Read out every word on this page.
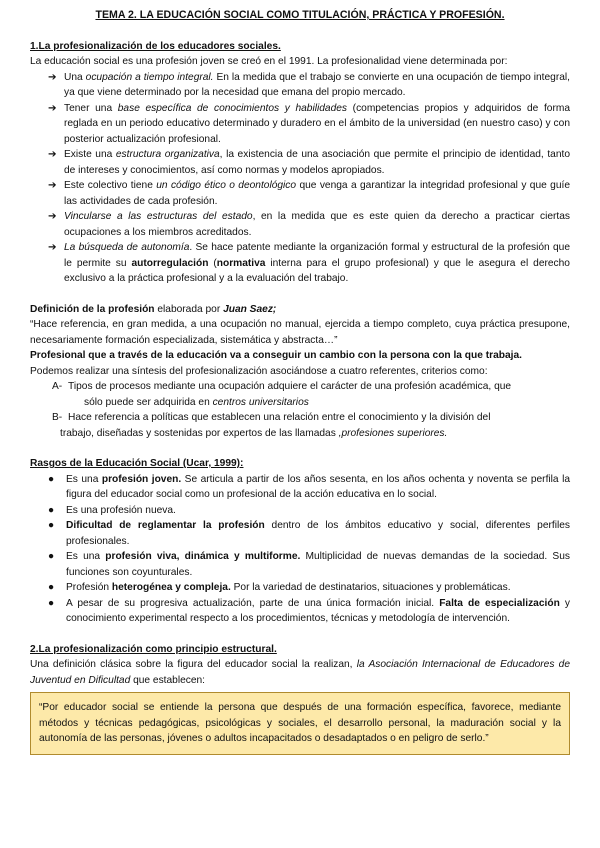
TEMA 2. LA EDUCACIÓN SOCIAL COMO TITULACIÓN, PRÁCTICA Y PROFESIÓN.
1.La profesionalización de los educadores sociales.
La educación social es una profesión joven se creó en el 1991. La profesionalidad viene determinada por:
➔ Una ocupación a tiempo integral. En la medida que el trabajo se convierte en una ocupación de tiempo integral, ya que viene determinado por la necesidad que emana del propio mercado.
➔ Tener una base específica de conocimientos y habilidades (competencias propios y adquiridos de forma reglada en un periodo educativo determinado y duradero en el ámbito de la universidad (en nuestro caso) y con posterior actualización profesional.
➔ Existe una estructura organizativa, la existencia de una asociación que permite el principio de identidad, tanto de intereses y conocimientos, así como normas y modelos apropiados.
➔ Este colectivo tiene un código ético o deontológico que venga a garantizar la integridad profesional y que guíe las actividades de cada profesión.
➔ Vincularse a las estructuras del estado, en la medida que es este quien da derecho a practicar ciertas ocupaciones a los miembros acreditados.
➔ La búsqueda de autonomía. Se hace patente mediante la organización formal y estructural de la profesión que le permite su autorregulación (normativa interna para el grupo profesional) y que le asegura el derecho exclusivo a la práctica profesional y a la evaluación del trabajo.
Definición de la profesión elaborada por Juan Saez;
“Hace referencia, en gran medida, a una ocupación no manual, ejercida a tiempo completo, cuya práctica presupone, necesariamente formación especializada, sistemática y abstracta…”
Profesional que a través de la educación va a conseguir un cambio con la persona con la que trabaja.
Podemos realizar una síntesis del profesionalización asociándose a cuatro referentes, criterios como:
A- Tipos de procesos mediante una ocupación adquiere el carácter de una profesión académica, que
sólo puede ser adquirida en centros universitarios
B- Hace referencia a políticas que establecen una relación entre el conocimiento y la división del
trabajo, diseñadas y sostenidas por expertos de las llamadas ,profesiones superiores.
Rasgos de la Educación Social (Ucar, 1999):
● Es una profesión joven. Se articula a partir de los años sesenta, en los años ochenta y noventa se perfila la figura del educador social como un profesional de la acción educativa en lo social.
● Es una profesión nueva.
● Dificultad de reglamentar la profesión dentro de los ámbitos educativo y social, diferentes perfiles profesionales.
● Es una profesión viva, dinámica y multiforme. Multiplicidad de nuevas demandas de la sociedad. Sus funciones son coyunturales.
● Profesión heterogénea y compleja. Por la variedad de destinatarios, situaciones y problemáticas.
● A pesar de su progresiva actualización, parte de una única formación inicial. Falta de especialización y conocimiento experimental respecto a los procedimientos, técnicas y metodología de intervención.
2.La profesionalización como principio estructural.
Una definición clásica sobre la figura del educador social la realizan, la Asociación Internacional de Educadores de Juventud en Dificultad que establecen:
“Por educador social se entiende la persona que después de una formación específica, favorece, mediante métodos y técnicas pedagógicas, psicológicas y sociales, el desarrollo personal, la maduración social y la autonomía de las personas, jóvenes o adultos incapacitados o desadaptados o en peligro de serlo.”
